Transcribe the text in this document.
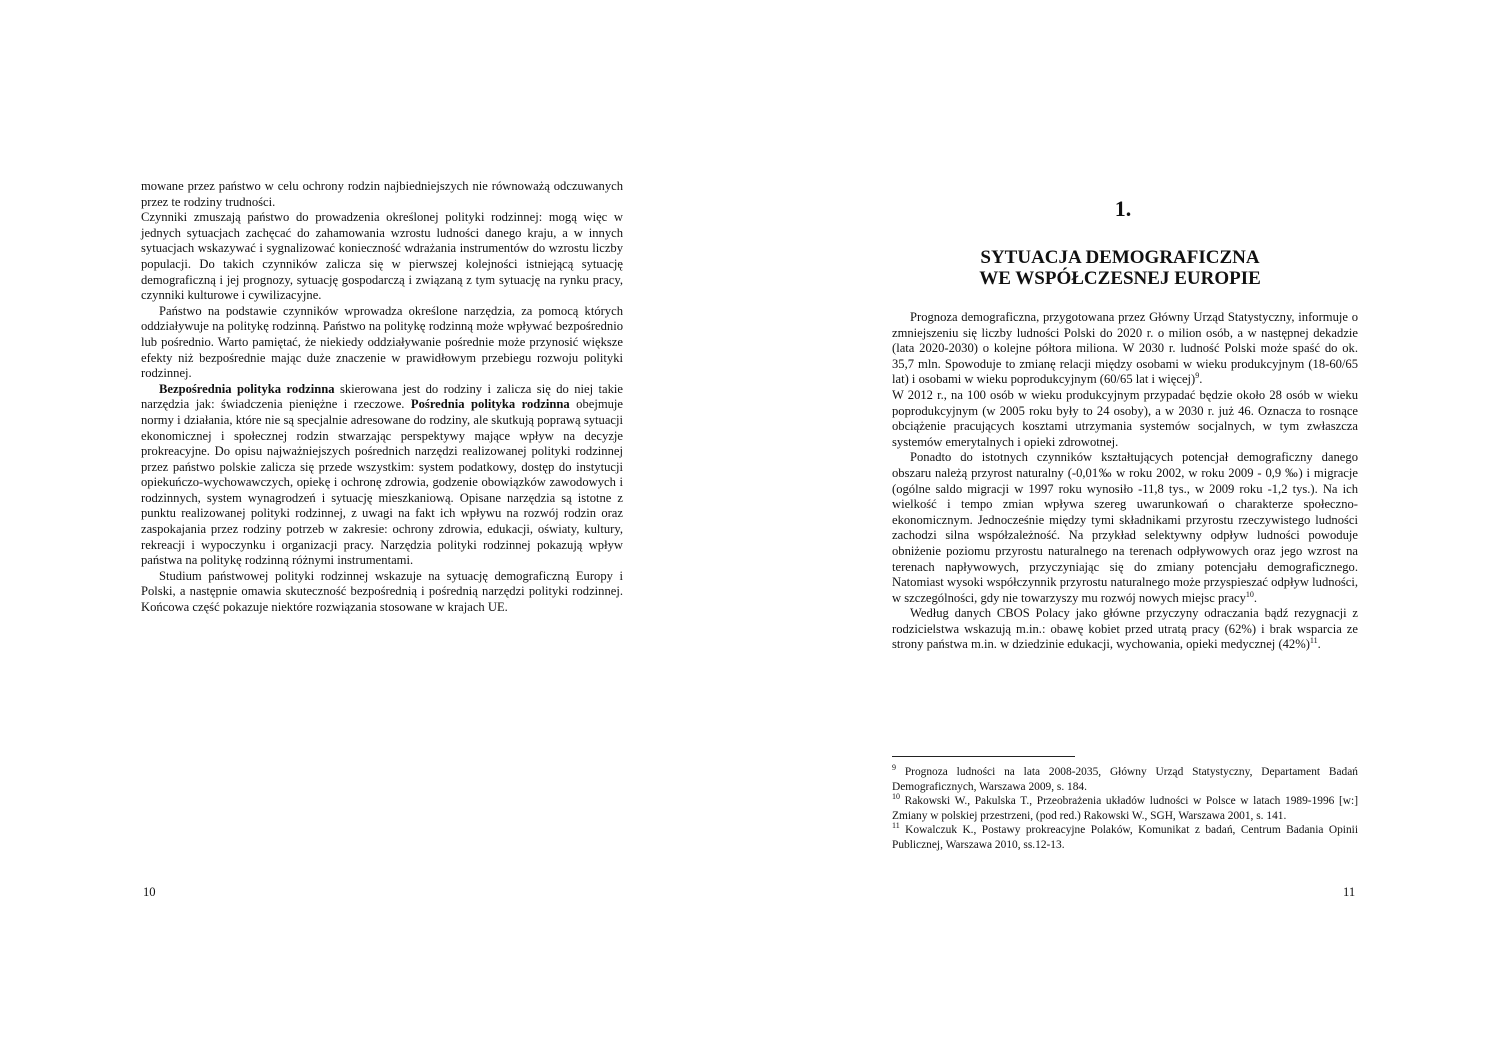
mowane przez państwo w celu ochrony rodzin najbiedniejszych nie równoważą odczuwanych przez te rodziny trudności.

Czynniki zmuszają państwo do prowadzenia określonej polityki rodzinnej: mogą więc w jednych sytuacjach zachęcać do zahamowania wzrostu ludności danego kraju, a w innych sytuacjach wskazywać i sygnalizować konieczność wdrażania instrumentów do wzrostu liczby populacji. Do takich czynników zalicza się w pierwszej kolejności istniejącą sytuację demograficzną i jej prognozy, sytuację gospodarczą i związaną z tym sytuację na rynku pracy, czynniki kulturowe i cywilizacyjne.

Państwo na podstawie czynników wprowadza określone narzędzia, za pomocą których oddziaływuje na politykę rodzinną. Państwo na politykę rodzinną może wpływać bezpośrednio lub pośrednio. Warto pamiętać, że niekiedy oddziaływanie pośrednie może przynosić większe efekty niż bezpośrednie mając duże znaczenie w prawidłowym przebiegu rozwoju polityki rodzinnej.

Bezpośrednia polityka rodzinna skierowana jest do rodziny i zalicza się do niej takie narzędzia jak: świadczenia pieniężne i rzeczowe. Pośrednia polityka rodzinna obejmuje normy i działania, które nie są specjalnie adresowane do rodziny, ale skutkują poprawą sytuacji ekonomicznej i społecznej rodzin stwarzając perspektywy mające wpływ na decyzje prokreacyjne. Do opisu najważniejszych pośrednich narzędzi realizowanej polityki rodzinnej przez państwo polskie zalicza się przede wszystkim: system podatkowy, dostęp do instytucji opiekuńczo-wychowawczych, opiekę i ochronę zdrowia, godzenie obowiązków zawodowych i rodzinnych, system wynagrodzeń i sytuację mieszkaniową. Opisane narzędzia są istotne z punktu realizowanej polityki rodzinnej, z uwagi na fakt ich wpływu na rozwój rodzin oraz zaspokajania przez rodziny potrzeb w zakresie: ochrony zdrowia, edukacji, oświaty, kultury, rekreacji i wypoczynku i organizacji pracy. Narzędzia polityki rodzinnej pokazują wpływ państwa na politykę rodzinną różnymi instrumentami.

Studium państwowej polityki rodzinnej wskazuje na sytuację demograficzną Europy i Polski, a następnie omawia skuteczność bezpośrednią i pośrednią narzędzi polityki rodzinnej. Końcowa część pokazuje niektóre rozwiązania stosowane w krajach UE.

10
1.
SYTUACJA DEMOGRAFICZNA
WE WSPÓŁCZESNEJ EUROPIE

Prognoza demograficzna, przygotowana przez Główny Urząd Statystyczny, informuje o zmniejszeniu się liczby ludności Polski do 2020 r. o milion osób, a w następnej dekadzie (lata 2020-2030) o kolejne półtora miliona. W 2030 r. ludność Polski może spaść do ok. 35,7 mln. Spowoduje to zmianę relacji między osobami w wieku produkcyjnym (18-60/65 lat) i osobami w wieku poprodukcyjnym (60/65 lat i więcej)$^9$.

W 2012 r., na 100 osób w wieku produkcyjnym przypadać będzie około 28 osób w wieku poprodukcyjnym (w 2005 roku były to 24 osoby), a w 2030 r. już 46. Oznacza to rosnące obciążenie pracujących kosztami utrzymania systemów socjalnych, w tym zwłaszcza systemów emerytalnych i opieki zdrowotnej.

Ponadto do istotnych czynników kształtujących potencjał demograficzny danego obszaru należą przyrost naturalny (-0,01‰ w roku 2002, w roku 2009 - 0,9 ‰) i migracje (ogólne saldo migracji w 1997 roku wynosiło -11,8 tys., w 2009 roku -1,2 tys.). Na ich wielkość i tempo zmian wpływa szereg uwarunkowań o charakterze społeczno-ekonomicznym. Jednocześnie między tymi składnikami przyrostu rzeczywistego ludności zachodzi silna współzależność. Na przykład selektywny odpływ ludności powoduje obniżenie poziomu przyrostu naturalnego na terenach odpływowych oraz jego wzrost na terenach napływowych, przyczyniając się do zmiany potencjału demograficznego. Natomiast wysoki współczynnik przyrostu naturalnego może przyspieszać odpływ ludności, w szczególności, gdy nie towarzyszy mu rozwój nowych miejsc pracy$^{10}$.

Według danych CBOS Polacy jako główne przyczyny odraczania bądź rezygnacji z rodzicielstwa wskazują m.in.: obawę kobiet przed utratą pracy (62%) i brak wsparcia ze strony państwa m.in. w dziedzinie edukacji, wychowania, opieki medycznej $(42\%)^{11}$.

$^9$ Prognoza ludności na lata 2008-2035, Główny Urząd Statystyczny, Departament Badań Demograficznych, Warszawa 2009, s. 184.

$^{10}$ Rakowski W., Pakulska T., Przeobrażenia układów ludności w Polsce w latach 1989-1996 [w:] Zmiany w polskiej przestrzeni, (pod red.) Rakowski W., SGH, Warszawa 2001, s. 141.

$^{11}$ Kowalczuk K., Postawy prokreacyjne Polaków, Komunikat z badań, Centrum Badania Opinii Publicznej, Warszawa 2010, ss.12-13.

11
